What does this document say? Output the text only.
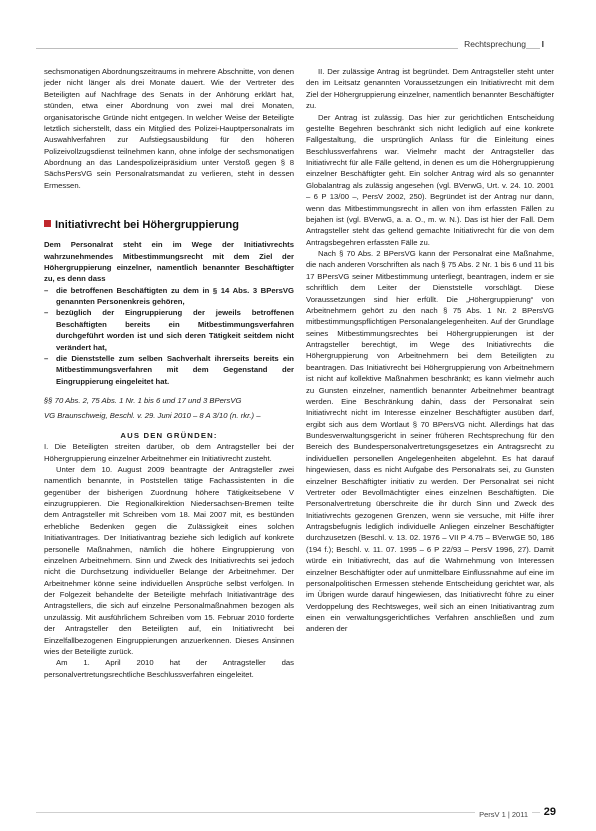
Rechtsprechung I

sechsmonatigen Abordnungszeitraums in mehrere Abschnitte, von denen jeder nicht länger als drei Monate dauert. Wie der Vertreter des Beteiligten auf Nachfrage des Senats in der Anhörung erklärt hat, stünden, etwa einer Abordnung von zwei mal drei Monaten, organisatorische Gründe nicht entgegen. In welcher Weise der Beteiligte letztlich sicherstellt, dass ein Mitglied des Polizei-Hauptpersonalrats im Auswahlverfahren zur Aufstiegsausbildung für den höheren Polizeivollzugsdienst teilnehmen kann, ohne infolge der sechsmonatigen Abordnung an das Landespolizeipräsidium unter Verstoß gegen § 8 SächsPersVG sein Personalratsmandat zu verlieren, steht in dessen Ermessen.

Initiativrecht bei Höhergruppierung

Dem Personalrat steht ein im Wege der Initiativrechts wahrzunehmendes Mitbestimmungsrecht mit dem Ziel der Höhergruppierung einzelner, namentlich benannter Beschäftigter zu, es denn dass

– die betroffenen Beschäftigten zu dem in § 14 Abs. 3 BPersVG genannten Personenkreis gehören,
– bezüglich der Eingruppierung der jeweils betroffenen Beschäftigten bereits ein Mitbestimmungsverfahren durchgeführt worden ist und sich deren Tätigkeit seitdem nicht verändert hat,
– die Dienststelle zum selben Sachverhalt ihrerseits bereits ein Mitbestimmungsverfahren mit dem Gegenstand der Eingruppierung eingeleitet hat.

§§ 70 Abs. 2, 75 Abs. 1 Nr. 1 bis 6 und 17 und 3 BPersVG

VG Braunschweig, Beschl. v. 29. Juni 2010 – 8 A 3/10 (n. rkr.) –

AUS DEN GRÜNDEN:

I. Die Beteiligten streiten darüber, ob dem Antragsteller bei der Höhergruppierung einzelner Arbeitnehmer ein Initiativrecht zusteht.

Unter dem 10. August 2009 beantragte der Antragsteller zwei namentlich benannte, in Poststellen tätige Fachassistenten in die gegenüber der bisherigen Zuordnung höhere Tätigkeitsebene V einzugruppieren. Die Regionalkirektion Niedersachsen-Bremen teilte dem Antragsteller mit Schreiben vom 18. Mai 2007 mit, es bestünden erhebliche Bedenken gegen die Zulässigkeit eines solchen Initiativantrages. Der Initiativantrag beziehe sich lediglich auf konkrete personelle Maßnahmen, nämlich die höhere Eingruppierung von einzelnen Arbeitnehmern. Sinn und Zweck des Initiativrechts sei jedoch nicht die Durchsetzung individueller Belange der Arbeitnehmer. Der Arbeitnehmer könne seine individuellen Ansprüche selbst verfolgen. In der Folgezeit behandelte der Beteiligte mehrfach Initiativanträge des Antragstellers, die sich auf einzelne Personalmaßnahmen bezogen als unzulässig. Mit ausführlichem Schreiben vom 15. Februar 2010 forderte der Antragsteller den Beteiligten auf, ein Initiativrecht bei Einzelfallbezogenen Eingruppierungen anzuerkennen. Dieses Ansinnen wies der Beteiligte zurück.

Am 1. April 2010 hat der Antragsteller das personalvertretungsrechtliche Beschlussverfahren eingeleitet.

II. Der zulässige Antrag ist begründet. Dem Antragsteller steht unter den im Leitsatz genannten Voraussetzungen ein Initiativrecht mit dem Ziel der Höhergruppierung einzelner, namentlich benannter Beschäftigter zu.

Der Antrag ist zulässig. Das hier zur gerichtlichen Entscheidung gestellte Begehren beschränkt sich nicht lediglich auf eine konkrete Fallgestaltung, die ursprünglich Anlass für die Einleitung eines Beschlussverfahrens war. Vielmehr macht der Antragsteller das Initiativrecht für alle Fälle geltend, in denen es um die Höhergruppierung einzelner Beschäftigter geht. Ein solcher Antrag wird als so genannter Globalantrag als zulässig angesehen (vgl. BVerwG, Urt. v. 24. 10. 2001 – 6 P 13/00 –, PersV 2002, 250). Begründet ist der Antrag nur dann, wenn das Mitbestimmungsrecht in allen von ihm erfassten Fällen zu bejahen ist (vgl. BVerwG, a. a. O., m. w. N.). Das ist hier der Fall. Dem Antragsteller steht das geltend gemachte Initiativrecht für die von dem Antragsbegehren erfassten Fälle zu.

Nach § 70 Abs. 2 BPersVG kann der Personalrat eine Maßnahme, die nach anderen Vorschriften als nach § 75 Abs. 2 Nr. 1 bis 6 und 11 bis 17 BPersVG seiner Mitbestimmung unterliegt, beantragen, indem er sie schriftlich dem Leiter der Dienststelle vorschlägt. Diese Voraussetzungen sind hier erfüllt. Die „Höhergruppierung“ von Arbeitnehmern gehört zu den nach § 75 Abs. 1 Nr. 2 BPersVG mitbestimmungspflichtigen Personalangelegenheiten. Auf der Grundlage seines Mitbestimmungsrechtes bei Höhergruppierungen ist der Antragsteller berechtigt, im Wege des Initiativrechts die Höhergruppierung von Arbeitnehmern bei dem Beteiligten zu beantragen. Das Initiativrecht bei Höhergruppierung von Arbeitnehmern ist nicht auf kollektive Maßnahmen beschränkt; es kann vielmehr auch zu Gunsten einzelner, namentlich benannter Arbeitnehmer beantragt werden. Eine Beschränkung dahin, dass der Personalrat sein Initiativrecht nicht im Interesse einzelner Beschäftigter ausüben darf, ergibt sich aus dem Wortlaut § 70 BPersVG nicht. Allerdings hat das Bundesverwaltungsgericht in seiner früheren Rechtsprechung für den Bereich des Bundespersonalvertretungsgesetzes ein Antragsrecht zu individuellen personellen Angelegenheiten abgelehnt. Es hat darauf hingewiesen, dass es nicht Aufgabe des Personalrats sei, zu Gunsten einzelner Beschäftigter initiativ zu werden. Der Personalrat sei nicht Vertreter oder Bevollmächtigter eines einzelnen Beschäftigten. Die Personalvertretung überschreite die ihr durch Sinn und Zweck des Initiativrechts gezogenen Grenzen, wenn sie versuche, mit Hilfe ihrer Antragsbefugnis lediglich individuelle Anliegen einzelner Beschäftigter durchzusetzen (Beschl. v. 13. 02. 1976 – VII P 4.75 – BVerwGE 50, 186 (194 f.); Beschl. v. 11. 07. 1995 – 6 P 22/93 – PersV 1996, 27). Damit würde ein Initiativrecht, das auf die Wahrnehmung von Interessen einzelner Beschäftigter oder auf unmittelbare Einflussnahme auf eine im personalpolitischen Ermessen stehende Entscheidung gerichtet war, als im Übrigen wurde darauf hingewiesen, das Initiativrecht führe zu einer Verdoppelung des Rechtsweges, weil sich an einen Initiativantrag zum einen ein verwaltungsgerichtliches Verfahren anschließen und zum anderen der

PersV 1 | 2011	29
